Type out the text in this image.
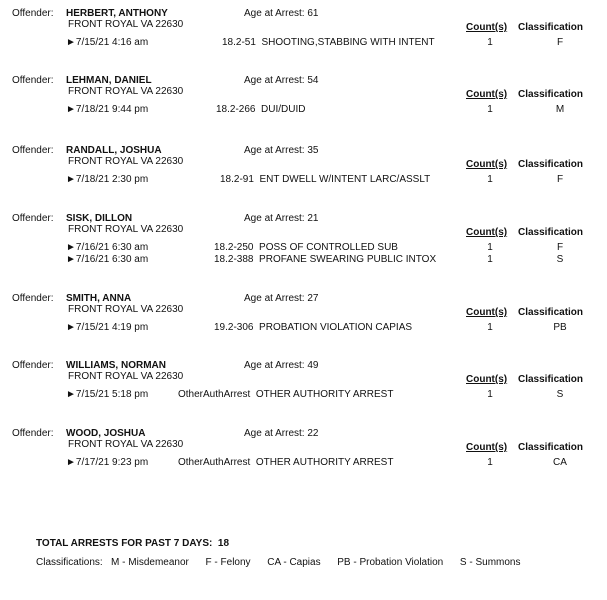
Offender: HERBERT, ANTHONY	Age at Arrest: 61
FRONT ROYAL VA 22630	Count(s) Classification
►7/15/21 4:16 am	18.2-51 SHOOTING,STABBING WITH INTENT	1	F
Offender: LEHMAN, DANIEL	Age at Arrest: 54
FRONT ROYAL VA 22630	Count(s) Classification
►7/18/21 9:44 pm	18.2-266 DUI/DUID	1	M
Offender: RANDALL, JOSHUA	Age at Arrest: 35
FRONT ROYAL VA 22630	Count(s) Classification
►7/18/21 2:30 pm	18.2-91 ENT DWELL W/INTENT LARC/ASSLT	1	F
Offender: SISK, DILLON	Age at Arrest: 21
FRONT ROYAL VA 22630	Count(s) Classification
►7/16/21 6:30 am	18.2-250 POSS OF CONTROLLED SUB	1	F
►7/16/21 6:30 am	18.2-388 PROFANE SWEARING PUBLIC INTOX	1	S
Offender: SMITH, ANNA	Age at Arrest: 27
FRONT ROYAL VA 22630	Count(s) Classification
►7/15/21 4:19 pm	19.2-306 PROBATION VIOLATION CAPIAS	1	PB
Offender: WILLIAMS, NORMAN	Age at Arrest: 49
FRONT ROYAL VA 22630	Count(s) Classification
►7/15/21 5:18 pm	OtherAuthArrest OTHER AUTHORITY ARREST	1	S
Offender: WOOD, JOSHUA	Age at Arrest: 22
FRONT ROYAL VA 22630	Count(s) Classification
►7/17/21 9:23 pm	OtherAuthArrest OTHER AUTHORITY ARREST	1	CA
TOTAL ARRESTS FOR PAST 7 DAYS: 18
Classifications: M - Misdemeanor F - Felony CA - Capias PB - Probation Violation S - Summons
